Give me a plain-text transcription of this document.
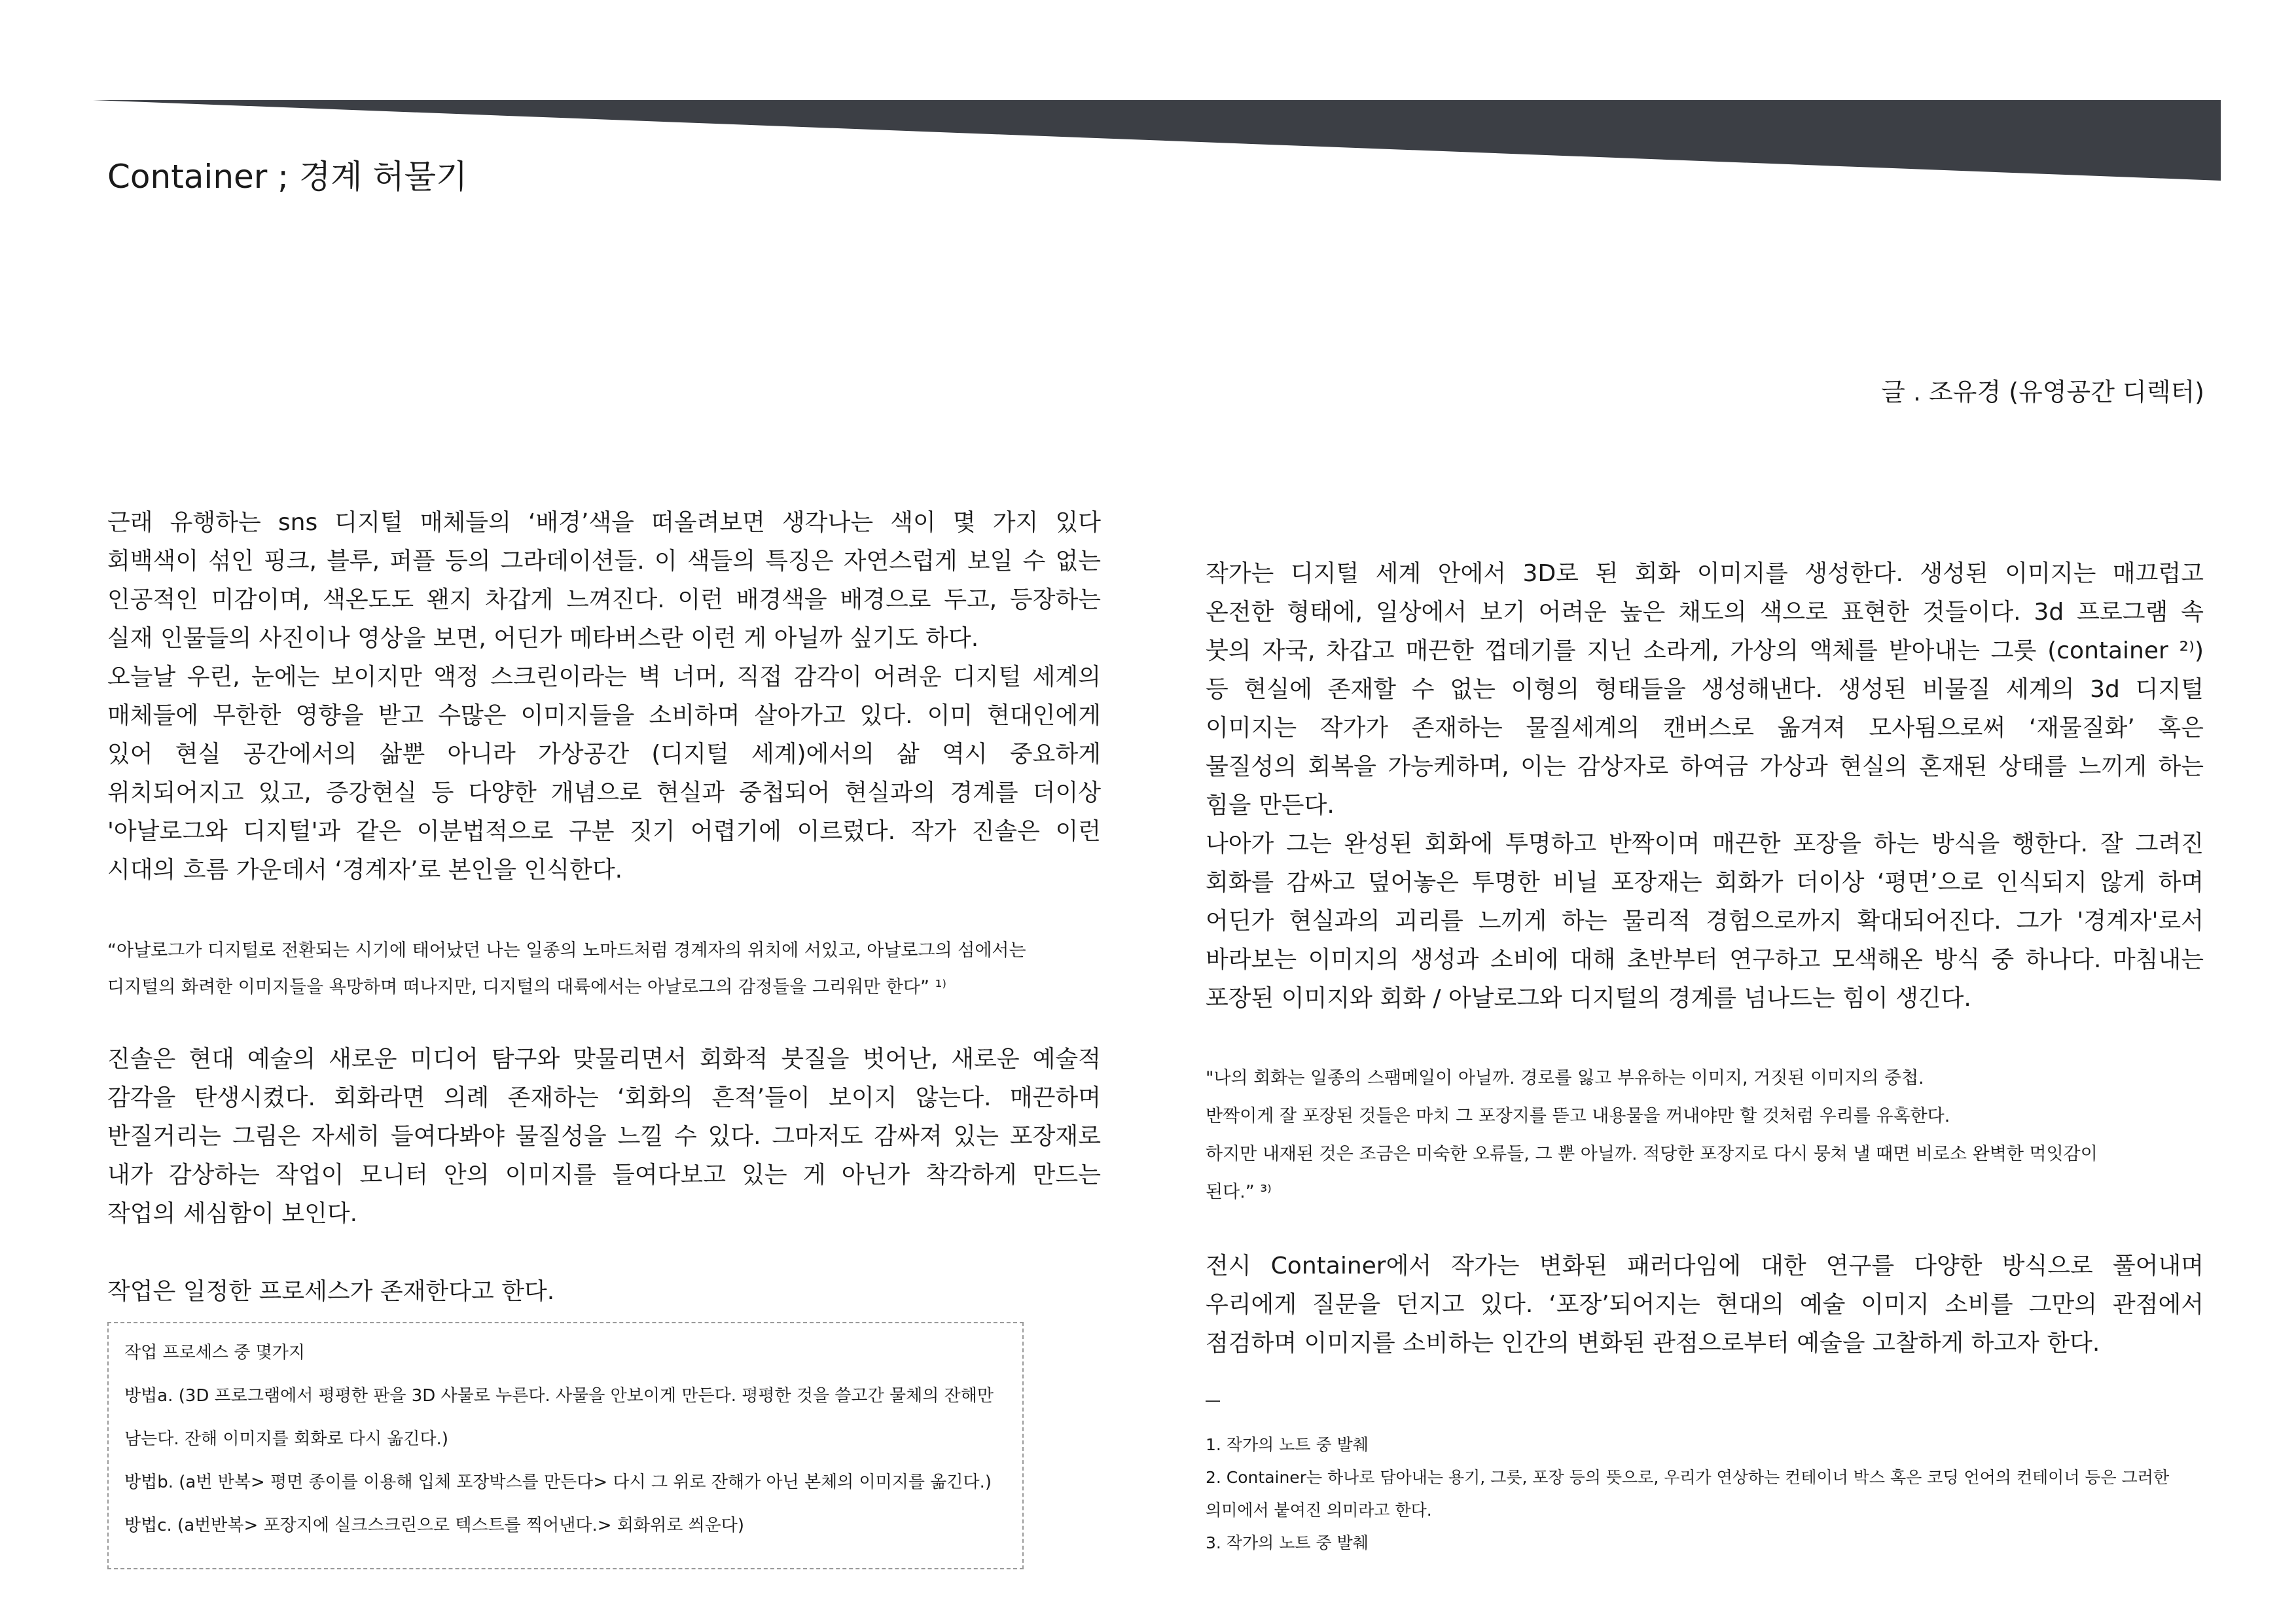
Container ; 경계 허물기
글 . 조유경 (유영공간 디렉터)
근래 유행하는 sns 디지털 매체들의 ‘배경’색을 떠올려보면 생각나는 색이 몇 가지 있다
회백색이 섞인 핑크, 블루, 퍼플 등의 그라데이션들. 이 색들의 특징은 자연스럽게 보일 수 없는
인공적인 미감이며, 색온도도 왠지 차갑게 느껴진다. 이런 배경색을 배경으로 두고, 등장하는
실재 인물들의 사진이나 영상을 보면, 어딘가 메타버스란 이런 게 아닐까 싶기도 하다.
오늘날 우린, 눈에는 보이지만 액정 스크린이라는 벽 너머, 직접 감각이 어려운 디지털 세계의
매체들에 무한한 영향을 받고 수많은 이미지들을 소비하며 살아가고 있다. 이미 현대인에게
있어 현실 공간에서의 삶뿐 아니라 가상공간 (디지털 세계)에서의 삶 역시 중요하게
위치되어지고 있고, 증강현실 등 다양한 개념으로 현실과 중첩되어 현실과의 경계를 더이상
'아날로그와 디지털'과 같은 이분법적으로 구분 짓기 어렵기에 이르렀다. 작가 진솔은 이런
시대의 흐름 가운데서 ‘경계자’로 본인을 인식한다.
“아날로그가 디지털로 전환되는 시기에 태어났던 나는 일종의 노마드처럼 경계자의 위치에 서있고, 아날로그의 섬에서는
디지털의 화려한 이미지들을 욕망하며 떠나지만, 디지털의 대륙에서는 아날로그의 감정들을 그리워만 한다” ¹⁾
진솔은 현대 예술의 새로운 미디어 탐구와 맞물리면서 회화적 붓질을 벗어난, 새로운 예술적
감각을 탄생시켰다. 회화라면 의례 존재하는 ‘회화의 흔적’들이 보이지 않는다. 매끈하며
반질거리는 그림은 자세히 들여다봐야 물질성을 느낄 수 있다. 그마저도 감싸져 있는 포장재로
내가 감상하는 작업이 모니터 안의 이미지를 들여다보고 있는 게 아닌가 착각하게 만드는
작업의 세심함이 보인다.
작업은 일정한 프로세스가 존재한다고 한다.
작업 프로세스 중 몇가지
방법a. (3D 프로그램에서 평평한 판을 3D 사물로 누른다. 사물을 안보이게 만든다. 평평한 것을 쓸고간 물체의 잔해만
남는다. 잔해 이미지를 회화로 다시 옮긴다.)
방법b. (a번 반복> 평면 종이를 이용해 입체 포장박스를 만든다> 다시 그 위로 잔해가 아닌 본체의 이미지를 옮긴다.)
방법c. (a번반복> 포장지에 실크스크린으로 텍스트를 찍어낸다.> 회화위로 씌운다)
작가는 디지털 세계 안에서 3D로 된 회화 이미지를 생성한다. 생성된 이미지는 매끄럽고
온전한 형태에, 일상에서 보기 어려운 높은 채도의 색으로 표현한 것들이다. 3d 프로그램 속
붓의 자국, 차갑고 매끈한 껍데기를 지닌 소라게, 가상의 액체를 받아내는 그릇 (container ²⁾)
등 현실에 존재할 수 없는 이형의 형태들을 생성해낸다. 생성된 비물질 세계의 3d 디지털
이미지는 작가가 존재하는 물질세계의 캔버스로 옮겨져 모사됨으로써 ‘재물질화’ 혹은
물질성의 회복을 가능케하며, 이는 감상자로 하여금 가상과 현실의 혼재된 상태를 느끼게 하는
힘을 만든다.
나아가 그는 완성된 회화에 투명하고 반짝이며 매끈한 포장을 하는 방식을 행한다. 잘 그려진
회화를 감싸고 덮어놓은 투명한 비닐 포장재는 회화가 더이상 ‘평면’으로 인식되지 않게 하며
어딘가 현실과의 괴리를 느끼게 하는 물리적 경험으로까지 확대되어진다. 그가 '경계자'로서
바라보는 이미지의 생성과 소비에 대해 초반부터 연구하고 모색해온 방식 중 하나다. 마침내는
포장된 이미지와 회화 / 아날로그와 디지털의 경계를 넘나드는 힘이 생긴다.
"나의 회화는 일종의 스팸메일이 아닐까. 경로를 잃고 부유하는 이미지, 거짓된 이미지의 중첩.
반짝이게 잘 포장된 것들은 마치 그 포장지를 뜯고 내용물을 꺼내야만 할 것처럼 우리를 유혹한다.
하지만 내재된 것은 조금은 미숙한 오류들, 그 뿐 아닐까. 적당한 포장지로 다시 뭉쳐 낼 때면 비로소 완벽한 먹잇감이
된다.” ³⁾
전시 Container에서 작가는 변화된 패러다임에 대한 연구를 다양한 방식으로 풀어내며
우리에게 질문을 던지고 있다. ‘포장’되어지는 현대의 예술 이미지 소비를 그만의 관점에서
점검하며 이미지를 소비하는 인간의 변화된 관점으로부터 예술을 고찰하게 하고자 한다.
1. 작가의 노트 중 발췌
2. Container는 하나로 담아내는 용기, 그릇, 포장 등의 뜻으로, 우리가 연상하는 컨테이너 박스 혹은 코딩 언어의 컨테이너 등은 그러한
의미에서 붙여진 의미라고 한다.
3. 작가의 노트 중 발췌
